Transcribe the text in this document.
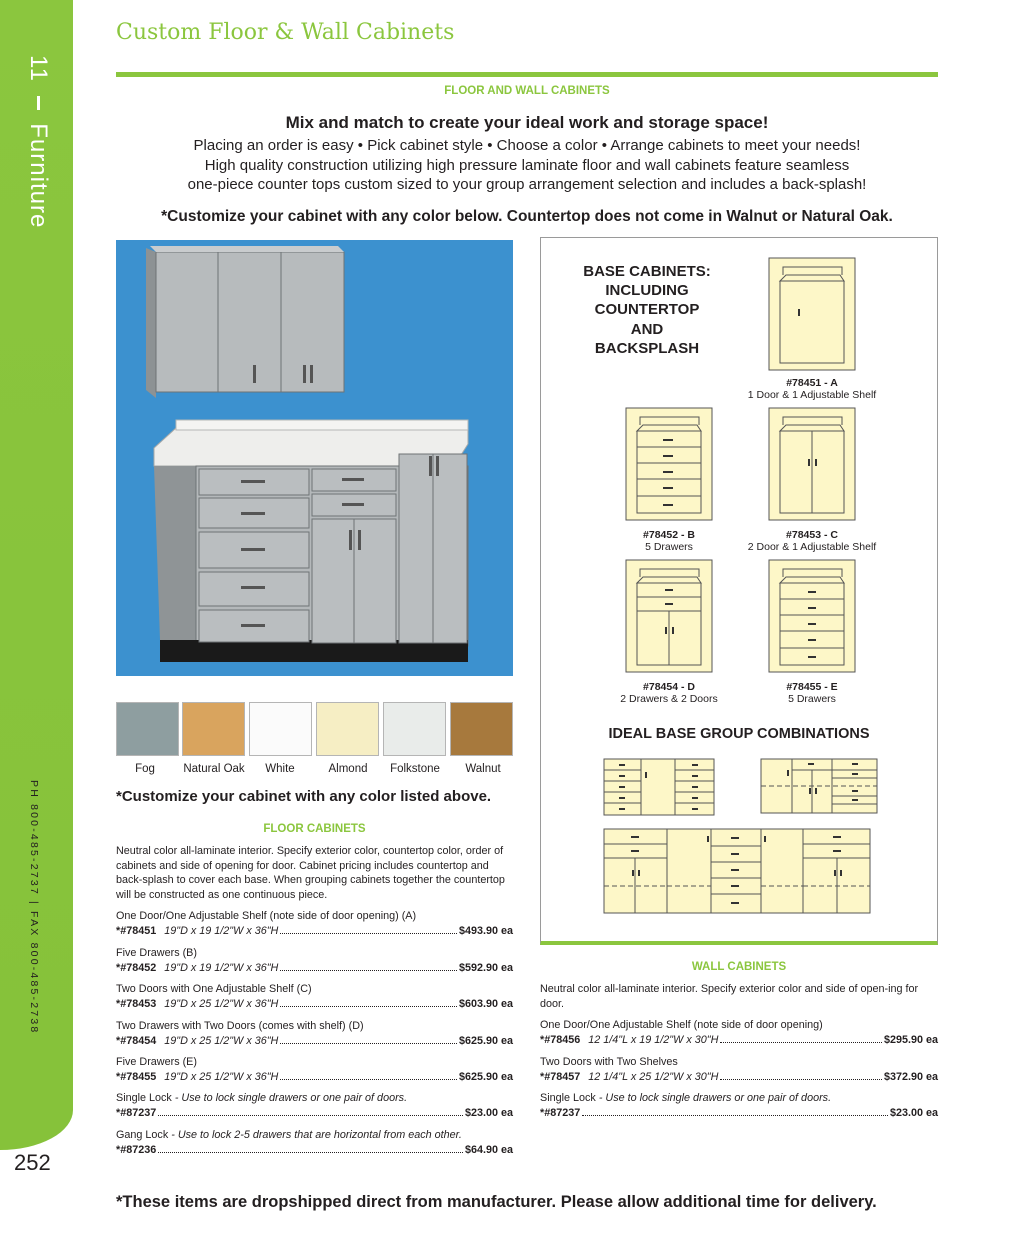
11  Furniture
PH 800-485-2737 | FAX 800-485-2738
252
Custom Floor & Wall Cabinets
FLOOR AND WALL CABINETS
Mix and match to create your ideal work and storage space!
Placing an order is easy • Pick cabinet style • Choose a color • Arrange cabinets to meet your needs!
High quality construction utilizing high pressure laminate floor and wall cabinets feature seamless
one-piece counter tops custom sized to your group arrangement selection and includes a back-splash!
*Customize your cabinet with any color below. Countertop does not come in Walnut or Natural Oak.
Fog	Natural Oak	White	Almond	Folkstone	Walnut
*Customize your cabinet with any color listed above.
FLOOR CABINETS
Neutral color all-laminate interior. Specify exterior color, countertop color, order of cabinets and side of opening for door. Cabinet pricing includes countertop and back-splash to cover each base. When grouping cabinets together the countertop will be constructed as one continuous piece.
One Door/One Adjustable Shelf (note side of door opening) (A)
*#78451 19"D x 19 1/2"W x 36"H	$493.90 ea
Five Drawers (B)
*#78452 19"D x 19 1/2"W x 36"H	$592.90 ea
Two Doors with One Adjustable Shelf (C)
*#78453 19"D x 25 1/2"W x 36"H	$603.90 ea
Two Drawers with Two Doors (comes with shelf) (D)
*#78454 19"D x 25 1/2"W x 36"H	$625.90 ea
Five Drawers (E)
*#78455 19"D x 25 1/2"W x 36"H	$625.90 ea
Single Lock - Use to lock single drawers or one pair of doors.
*#87237	$23.00 ea
Gang Lock - Use to lock 2-5 drawers that are horizontal from each other.
*#87236	$64.90 ea
BASE CABINETS: INCLUDING COUNTERTOP AND BACKSPLASH
#78451 - A
1 Door & 1 Adjustable Shelf
#78452 - B
5 Drawers
#78453 - C
2 Door & 1 Adjustable Shelf
#78454 - D
2 Drawers & 2 Doors
#78455 - E
5 Drawers
IDEAL BASE GROUP COMBINATIONS
WALL CABINETS
Neutral color all-laminate interior. Specify exterior color and side of open-ing for door.
One Door/One Adjustable Shelf (note side of door opening)
*#78456 12 1/4"L x 19 1/2"W x 30"H	$295.90 ea
Two Doors with Two Shelves
*#78457 12 1/4"L x 25 1/2"W x 30"H	$372.90 ea
Single Lock - Use to lock single drawers or one pair of doors.
*#87237	$23.00 ea
*These items are dropshipped direct from manufacturer. Please allow additional time for delivery.
